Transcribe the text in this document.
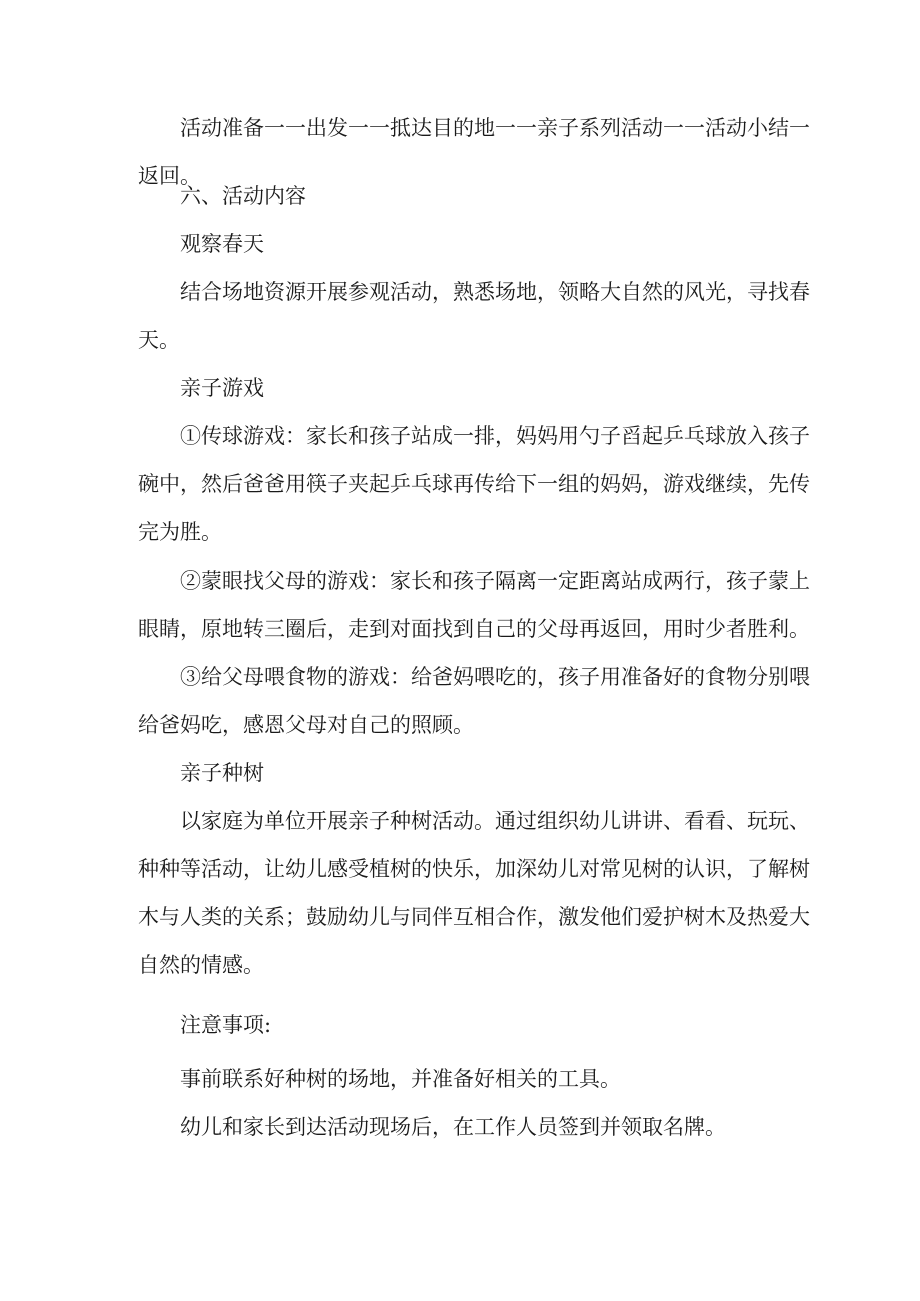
活动准备一一出发一一抵达目的地一一亲子系列活动一一活动小结一
返回。

六、活动内容

观察春天

结合场地资源开展参观活动，熟悉场地，领略大自然的风光，寻找春
天。

亲子游戏

①传球游戏：家长和孩子站成一排，妈妈用勺子舀起乒乓球放入孩子
碗中，然后爸爸用筷子夹起乒乓球再传给下一组的妈妈，游戏继续，先传
完为胜。

②蒙眼找父母的游戏：家长和孩子隔离一定距离站成两行，孩子蒙上
眼睛，原地转三圈后，走到对面找到自己的父母再返回，用时少者胜利。

③给父母喂食物的游戏：给爸妈喂吃的，孩子用准备好的食物分别喂
给爸妈吃，感恩父母对自己的照顾。

亲子种树

以家庭为单位开展亲子种树活动。通过组织幼儿讲讲、看看、玩玩、
种种等活动，让幼儿感受植树的快乐，加深幼儿对常见树的认识，了解树
木与人类的关系；鼓励幼儿与同伴互相合作，激发他们爱护树木及热爱大
自然的情感。

注意事项:

事前联系好种树的场地，并准备好相关的工具。

幼儿和家长到达活动现场后，在工作人员签到并领取名牌。
